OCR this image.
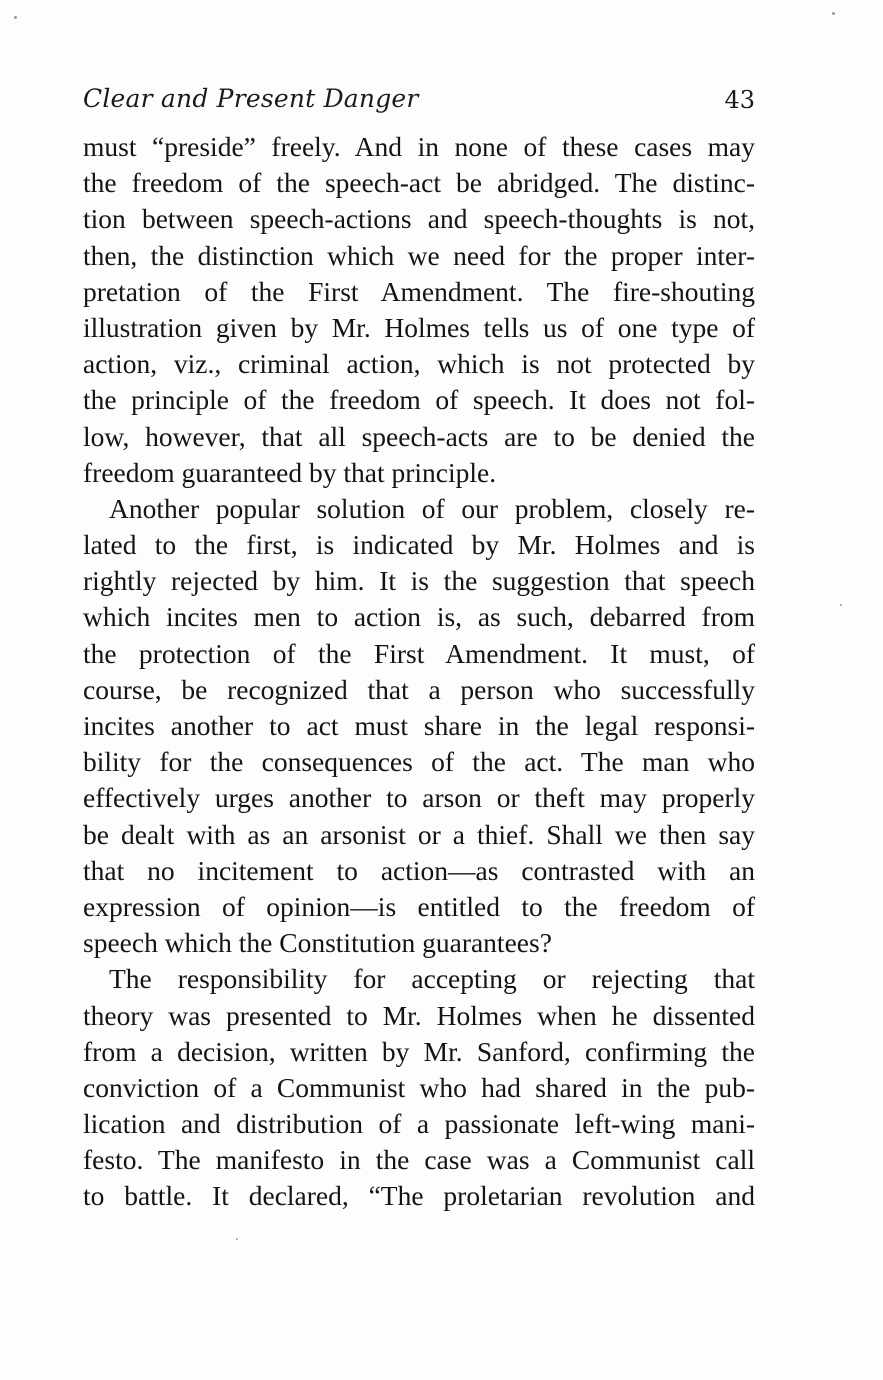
Clear and Present Danger	43
must “preside” freely. And in none of these cases may
the freedom of the speech-act be abridged. The distinc-
tion between speech-actions and speech-thoughts is not,
then, the distinction which we need for the proper inter-
pretation of the First Amendment. The fire-shouting
illustration given by Mr. Holmes tells us of one type of
action, viz., criminal action, which is not protected by
the principle of the freedom of speech. It does not fol-
low, however, that all speech-acts are to be denied the
freedom guaranteed by that principle.
Another popular solution of our problem, closely re-
lated to the first, is indicated by Mr. Holmes and is
rightly rejected by him. It is the suggestion that speech
which incites men to action is, as such, debarred from
the protection of the First Amendment. It must, of
course, be recognized that a person who successfully
incites another to act must share in the legal responsi-
bility for the consequences of the act. The man who
effectively urges another to arson or theft may properly
be dealt with as an arsonist or a thief. Shall we then say
that no incitement to action—as contrasted with an
expression of opinion—is entitled to the freedom of
speech which the Constitution guarantees?
The responsibility for accepting or rejecting that
theory was presented to Mr. Holmes when he dissented
from a decision, written by Mr. Sanford, confirming the
conviction of a Communist who had shared in the pub-
lication and distribution of a passionate left-wing mani-
festo. The manifesto in the case was a Communist call
to battle. It declared, “The proletarian revolution and
